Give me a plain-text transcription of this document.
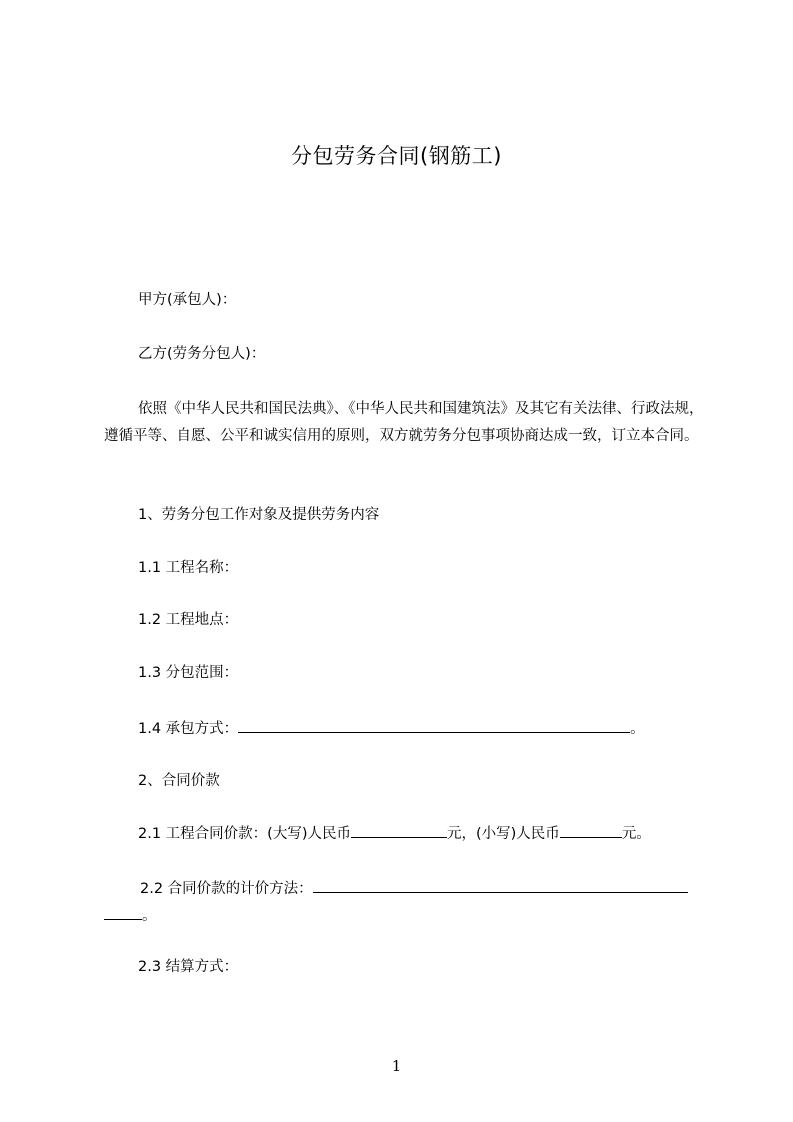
分包劳务合同(钢筋工)
甲方(承包人)：
乙方(劳务分包人)：
依照《中华人民共和国民法典》、《中华人民共和国建筑法》及其它有关法律、行政法规，遵循平等、自愿、公平和诚实信用的原则，双方就劳务分包事项协商达成一致，订立本合同。
1、劳务分包工作对象及提供劳务内容
1.1 工程名称：
1.2 工程地点：
1.3 分包范围：
1.4 承包方式：	。
2、合同价款
2.1 工程合同价款：(大写)人民币	元，(小写)人民币	元。
2.2 合同价款的计价方法：
。
2.3 结算方式：
1
